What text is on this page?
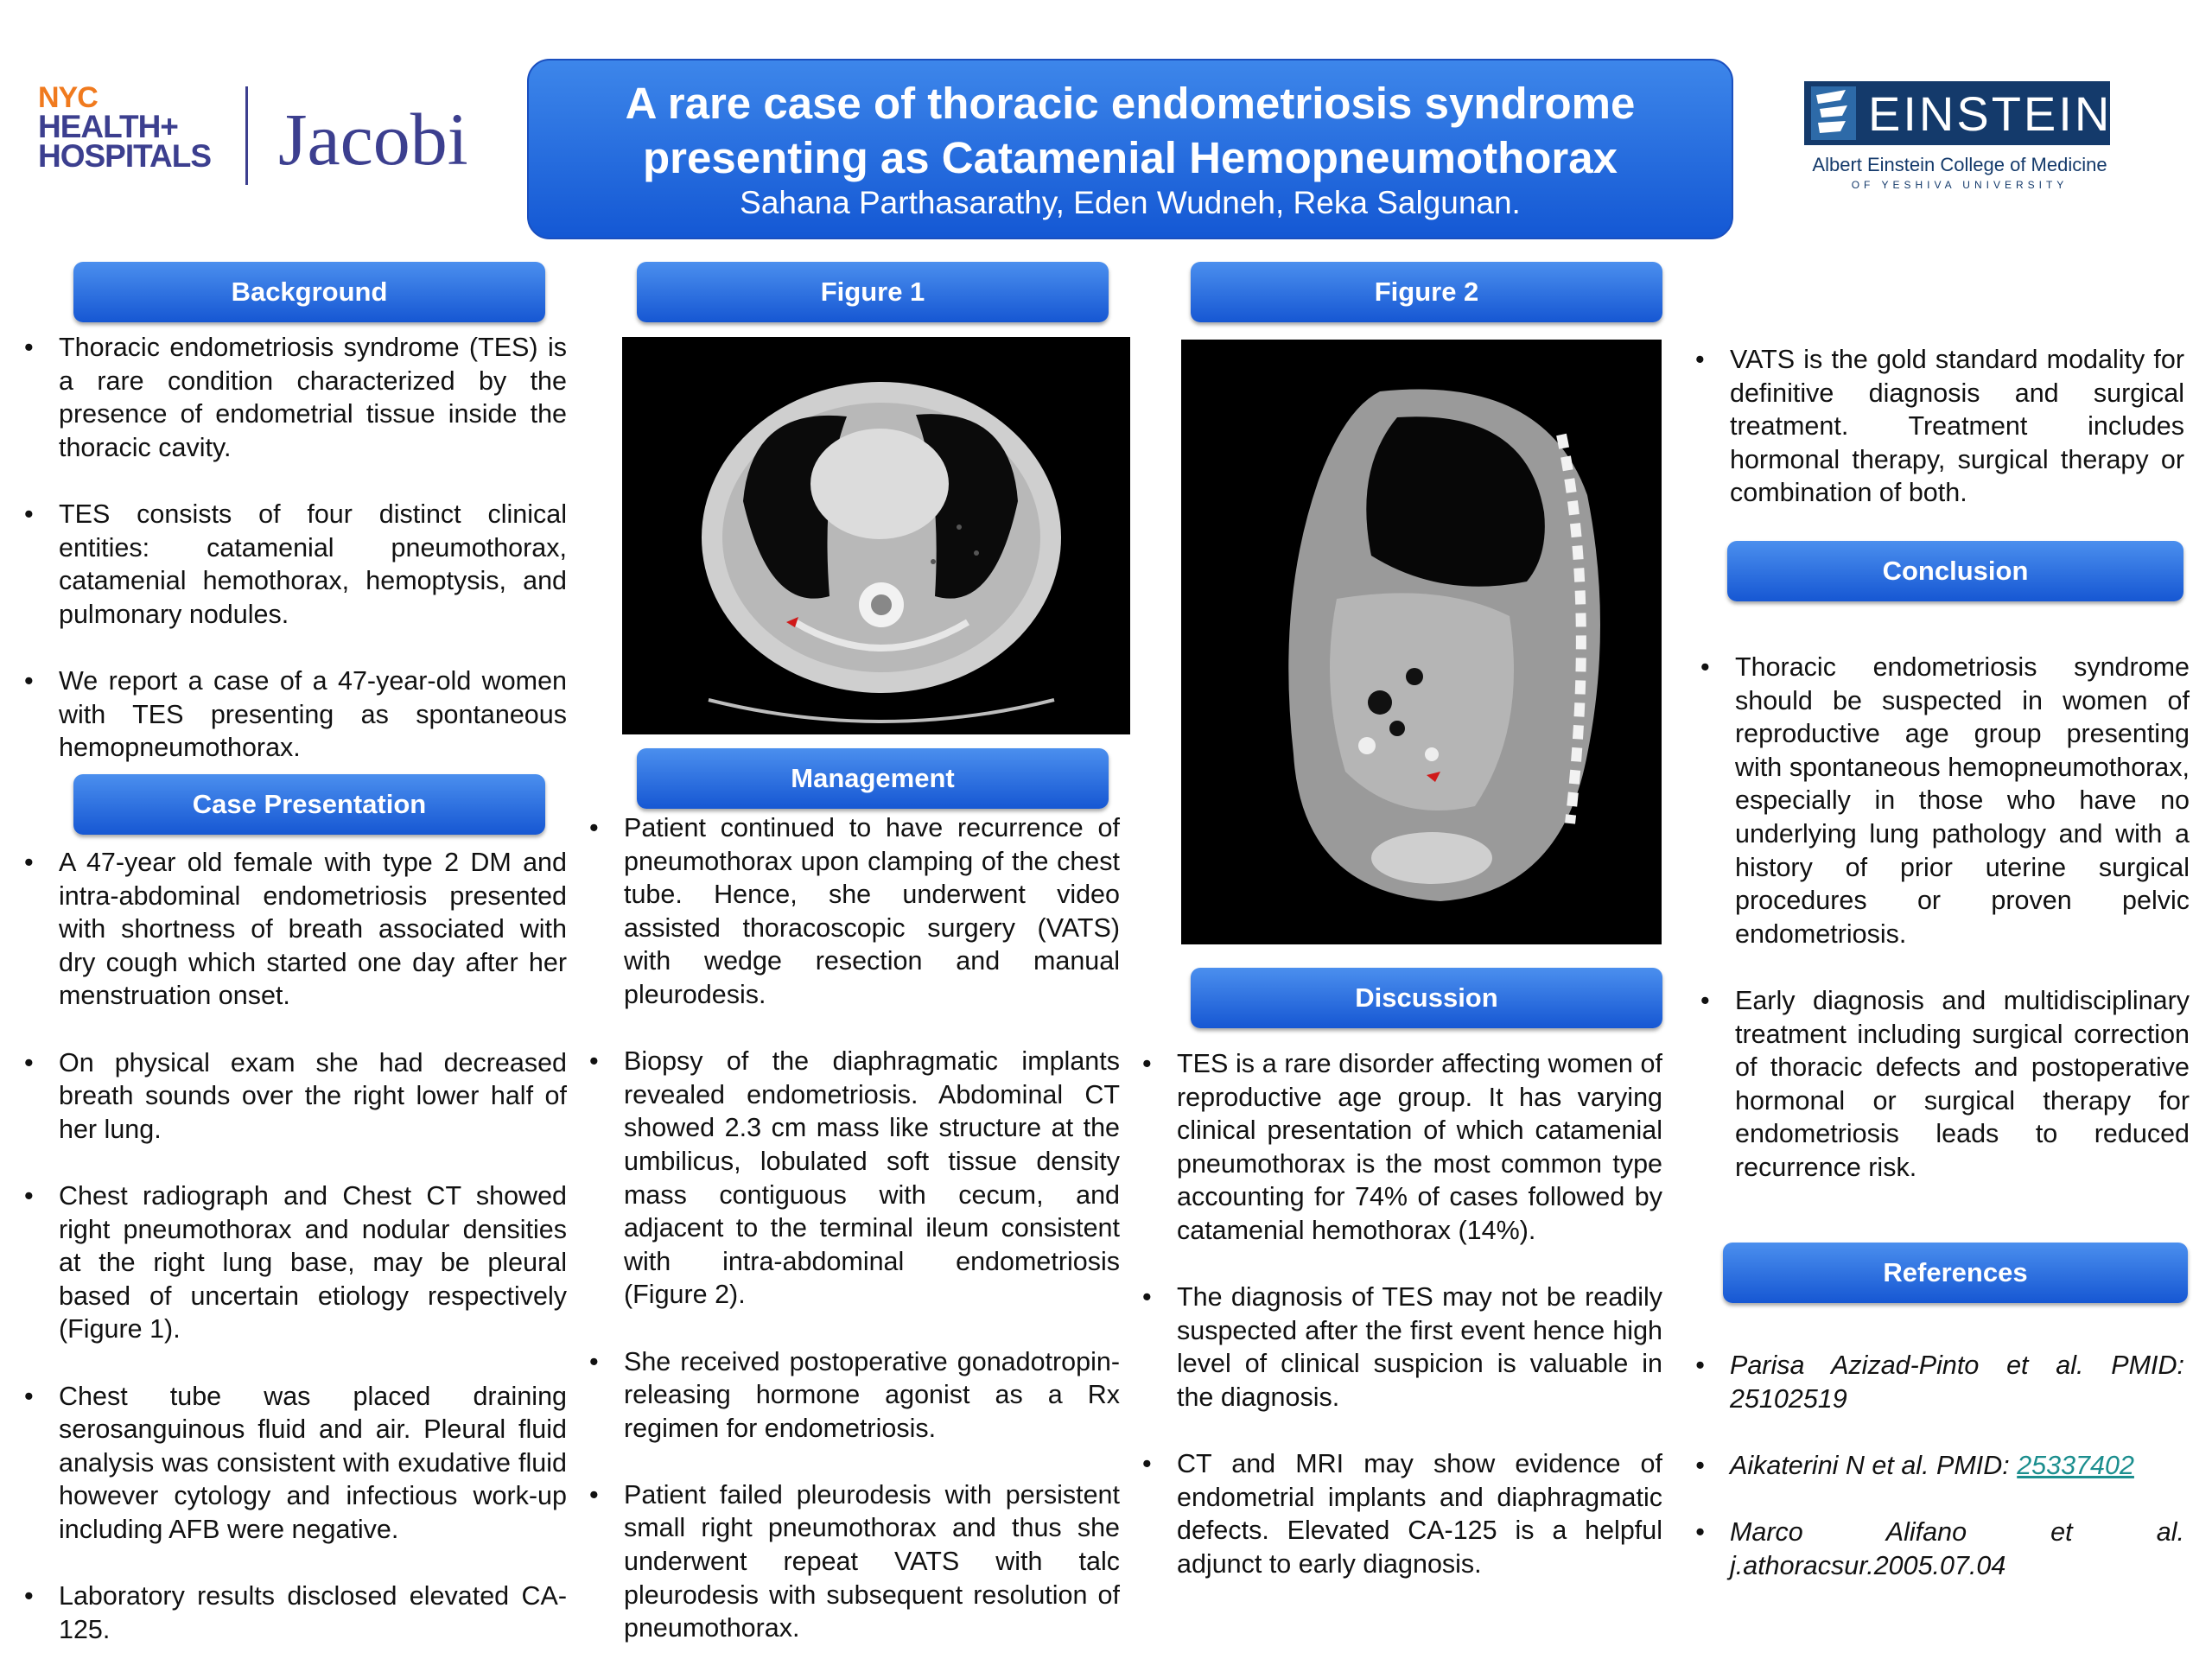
NYC
HEALTH+
HOSPITALS Jacobi	EINSTEIN
Albert Einstein College of Medicine
OF YESHIVA UNIVERSITY
A rare case of thoracic endometriosis syndrome
presenting as Catamenial Hemopneumothorax
Sahana Parthasarathy, Eden Wudneh, Reka Salgunan.
Background
• Thoracic endometriosis syndrome (TES) is a rare condition characterized by the presence of endometrial tissue inside the thoracic cavity.
• TES consists of four distinct clinical entities: catamenial pneumothorax, catamenial hemothorax, hemoptysis, and pulmonary nodules.
• We report a case of a 47-year-old women with TES presenting as spontaneous hemopneumothorax.
Case Presentation
• A 47-year old female with type 2 DM and intra-abdominal endometriosis presented with shortness of breath associated with dry cough which started one day after her menstruation onset.
• On physical exam she had decreased breath sounds over the right lower half of her lung.
• Chest radiograph and Chest CT showed right pneumothorax and nodular densities at the right lung base, may be pleural based of uncertain etiology respectively (Figure 1).
• Chest tube was placed draining serosanguinous fluid and air. Pleural fluid analysis was consistent with exudative fluid however cytology and infectious work-up including AFB were negative.
• Laboratory results disclosed elevated CA-125.
Figure 1
Management
• Patient continued to have recurrence of pneumothorax upon clamping of the chest tube. Hence, she underwent video assisted thoracoscopic surgery (VATS) with wedge resection and manual pleurodesis.
• Biopsy of the diaphragmatic implants revealed endometriosis. Abdominal CT showed 2.3 cm mass like structure at the umbilicus, lobulated soft tissue density mass contiguous with cecum, and adjacent to the terminal ileum consistent with intra-abdominal endometriosis (Figure 2).
• She received postoperative gonadotropin-releasing hormone agonist as a Rx regimen for endometriosis.
• Patient failed pleurodesis with persistent small right pneumothorax and thus she underwent repeat VATS with talc pleurodesis with subsequent resolution of pneumothorax.
Figure 2
Discussion
• TES is a rare disorder affecting women of reproductive age group. It has varying clinical presentation of which catamenial pneumothorax is the most common type accounting for 74% of cases followed by catamenial hemothorax (14%).
• The diagnosis of TES may not be readily suspected after the first event hence high level of clinical suspicion is valuable in the diagnosis.
• CT and MRI may show evidence of endometrial implants and diaphragmatic defects. Elevated CA-125 is a helpful adjunct to early diagnosis.
• VATS is the gold standard modality for definitive diagnosis and surgical treatment. Treatment includes hormonal therapy, surgical therapy or combination of both.
Conclusion
• Thoracic endometriosis syndrome should be suspected in women of reproductive age group presenting with spontaneous hemopneumothorax, especially in those who have no underlying lung pathology and with a history of prior uterine surgical procedures or proven pelvic endometriosis.
• Early diagnosis and multidisciplinary treatment including surgical correction of thoracic defects and postoperative hormonal or surgical therapy for endometriosis leads to reduced recurrence risk.
References
• Parisa Azizad-Pinto et al. PMID: 25102519
• Aikaterini N et al. PMID: 25337402
• Marco Alifano et al. j.athoracsur.2005.07.04
